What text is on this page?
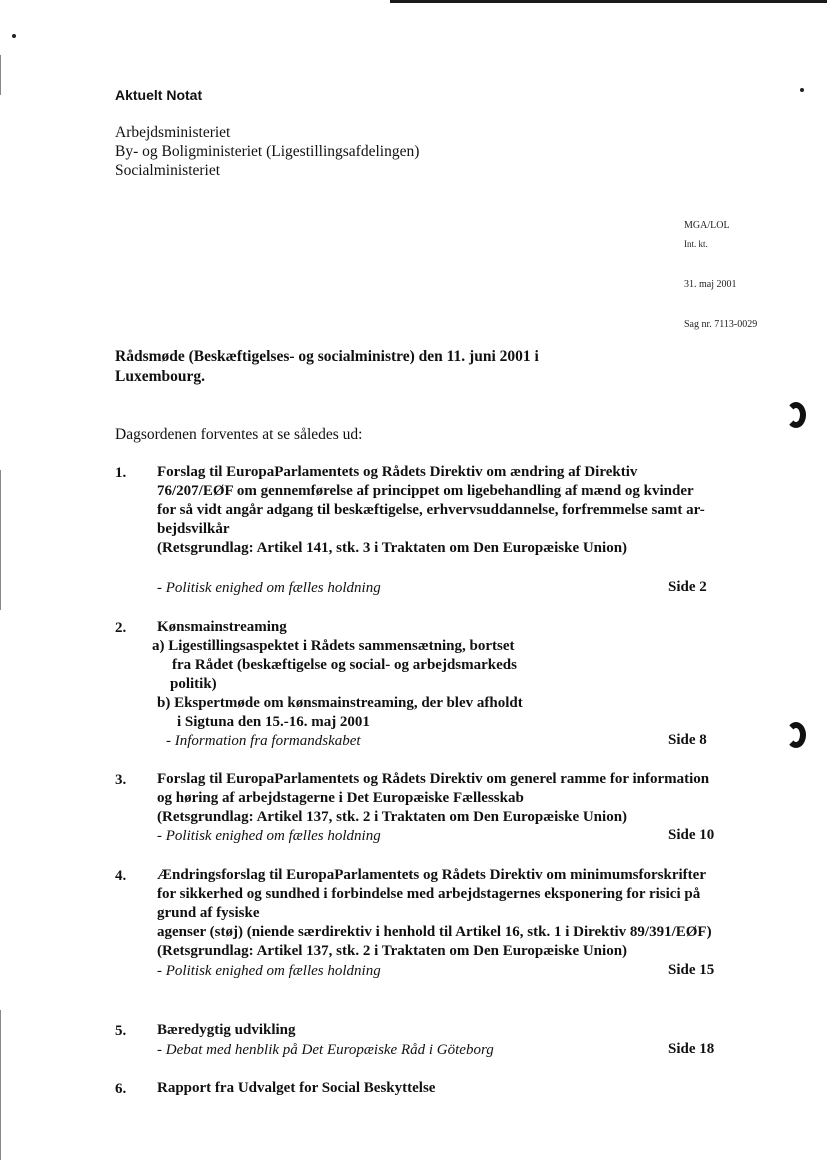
Aktuelt Notat
Arbejdsministeriet
By- og Boligministeriet (Ligestillingsafdelingen)
Socialministeriet
MGA/LOL
Int. kt.
31. maj 2001
Sag nr. 7113-0029
Rådsmøde (Beskæftigelses- og socialministre) den 11. juni 2001 i
Luxembourg.
Dagsordenen forventes at se således ud:
1. Forslag til EuropaParlamentets og Rådets Direktiv om ændring af Direktiv
76/207/EØF om gennemførelse af princippet om ligebehandling af mænd og kvinder
for så vidt angår adgang til beskæftigelse, erhvervsuddannelse, forfremmelse samt ar-
bejdsvilkår
(Retsgrundlag: Artikel 141, stk. 3 i Traktaten om Den Europæiske Union)
- Politisk enighed om fælles holdning	Side 2
2. Kønsmainstreaming
a) Ligestillingsaspektet i Rådets sammensætning, bortset
fra Rådet (beskæftigelse og social- og arbejdsmarkeds
politik)
b) Ekspertmøde om kønsmainstreaming, der blev afholdt
i Sigtuna den 15.-16. maj 2001
- Information fra formandskabet	Side 8
3. Forslag til EuropaParlamentets og Rådets Direktiv om generel ramme for information
og høring af arbejdstagerne i Det Europæiske Fællesskab
(Retsgrundlag: Artikel 137, stk. 2 i Traktaten om Den Europæiske Union)
- Politisk enighed om fælles holdning	Side 10
4. Ændringsforslag til EuropaParlamentets og Rådets Direktiv om minimumsforskrifter
for sikkerhed og sundhed i forbindelse med arbejdstagernes eksponering for risici på
grund af fysiske
agenser (støj) (niende særdirektiv i henhold til Artikel 16, stk. 1 i Direktiv 89/391/EØF)
(Retsgrundlag: Artikel 137, stk. 2 i Traktaten om Den Europæiske Union)
- Politisk enighed om fælles holdning	Side 15
5. Bæredygtig udvikling
- Debat med henblik på Det Europæiske Råd i Göteborg	Side 18
6. Rapport fra Udvalget for Social Beskyttelse
